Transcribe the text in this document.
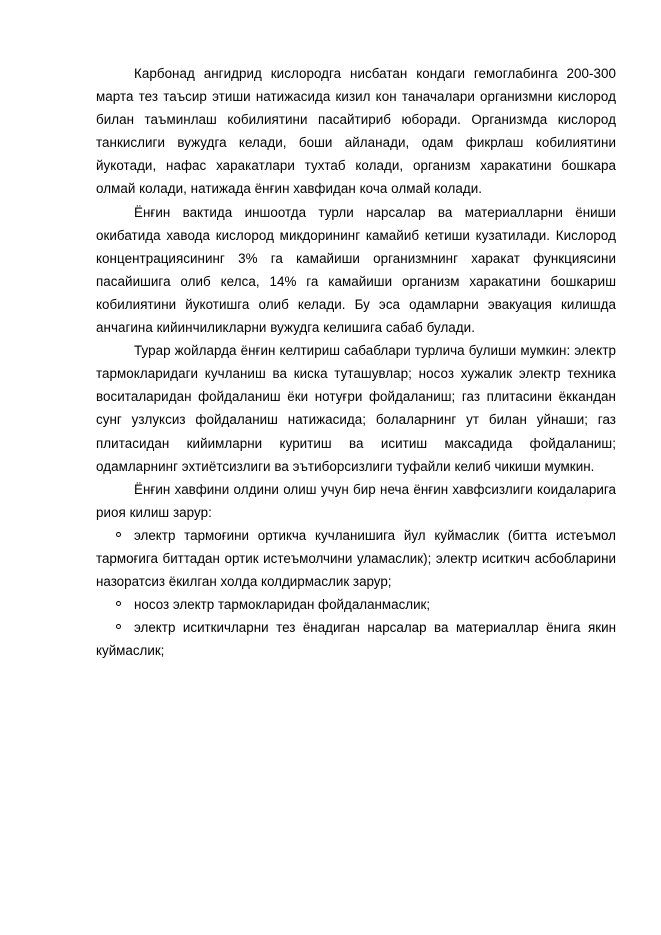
Карбонад ангидрид кислородга нисбатан кондаги гемоглабинга 200-300 марта тез таъсир этиши натижасида кизил кон таначалари организмни кислород билан таъминлаш кобилиятини пасайтириб юборади. Организмда кислород танкислиги вужудга келади, боши айланади, одам фикрлаш кобилиятини йукотади, нафас харакатлари тухтаб колади, организм харакатини бошкара олмай колади, натижада ёнғин хавфидан коча олмай колади.

Ёнғин вактида иншоотда турли нарсалар ва материалларни ёниши окибатида хавода кислород микдорининг камайиб кетиши кузатилади. Кислород концентрациясининг 3% га камайиши организмнинг харакат функциясини пасайишига олиб келса, 14% га камайиши организм харакатини бошкариш кобилиятини йукотишга олиб келади. Бу эса одамларни эвакуация килишда анчагина кийинчиликларни вужудга келишига сабаб булади.

Турар жойларда ёнғин келтириш сабаблари турлича булиши мумкин: электр тармокларидаги кучланиш ва киска туташувлар; носоз хужалик электр техника воситаларидан фойдаланиш ёки нотуғри фойдаланиш; газ плитасини ёккандан сунг узлуксиз фойдаланиш натижасида; болаларнинг ут билан уйнаши; газ плитасидан кийимларни куритиш ва иситиш максадида фойдаланиш; одамларнинг эхтиётсизлиги ва эътиборсизлиги туфайли келиб чикиши мумкин.

Ёнғин хавфини олдини олиш учун бир неча ёнғин хавфсизлиги коидаларига риоя килиш зарур:

электр тармоғини ортикча кучланишига йул куймаслик (битта истеъмол тармоғига биттадан ортик истеъмолчини уламаслик); электр иситкич асбобларини назоратсиз ёкилган холда колдирмаслик зарур;
носоз электр тармокларидан фойдаланмаслик;
электр иситкичларни тез ёнадиган нарсалар ва материаллар ёнига якин куймаслик;
